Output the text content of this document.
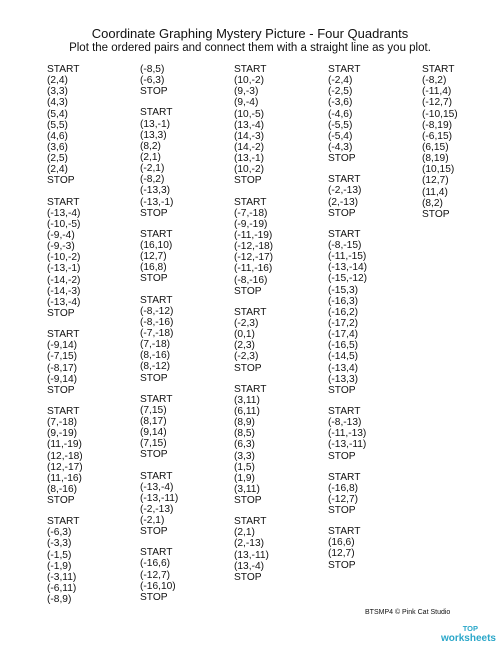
Coordinate Graphing Mystery Picture - Four Quadrants
Plot the ordered pairs and connect them with a straight line as you plot.
START
(2,4)
(3,3)
(4,3)
(5,4)
(5,5)
(4,6)
(3,6)
(2,5)
(2,4)
STOP
START
(-13,-4)
(-10,-5)
(-9,-4)
(-9,-3)
(-10,-2)
(-13,-1)
(-14,-2)
(-14,-3)
(-13,-4)
STOP
START
(-9,14)
(-7,15)
(-8,17)
(-9,14)
STOP
START
(7,-18)
(9,-19)
(11,-19)
(12,-18)
(12,-17)
(11,-16)
(8,-16)
STOP
START
(-6,3)
(-3,3)
(-1,5)
(-1,9)
(-3,11)
(-6,11)
(-8,9)
(-8,5)
(-6,3)
STOP
START
(13,-1)
(13,3)
(8,2)
(2,1)
(-2,1)
(-8,2)
(-13,3)
(-13,-1)
STOP
START
(16,10)
(12,7)
(16,8)
STOP
START
(-8,-12)
(-8,-16)
(-7,-18)
(7,-18)
(8,-16)
(8,-12)
STOP
START
(7,15)
(8,17)
(9,14)
(7,15)
STOP
START
(-13,-4)
(-13,-11)
(-2,-13)
(-2,1)
STOP
START
(-16,6)
(-12,7)
(-16,10)
STOP
START
(10,-2)
(9,-3)
(9,-4)
(10,-5)
(13,-4)
(14,-3)
(14,-2)
(13,-1)
(10,-2)
STOP
START
(-7,-18)
(-9,-19)
(-11,-19)
(-12,-18)
(-12,-17)
(-11,-16)
(-8,-16)
STOP
START
(-2,3)
(0,1)
(2,3)
(-2,3)
STOP
START
(3,11)
(6,11)
(8,9)
(8,5)
(6,3)
(3,3)
(1,5)
(1,9)
(3,11)
STOP
START
(2,1)
(2,-13)
(13,-11)
(13,-4)
STOP
START
(-2,4)
(-2,5)
(-3,6)
(-4,6)
(-5,5)
(-5,4)
(-4,3)
STOP
START
(-2,-13)
(2,-13)
STOP
START
(-8,-15)
(-11,-15)
(-13,-14)
(-15,-12)
(-15,3)
(-16,3)
(-16,2)
(-17,2)
(-17,4)
(-16,5)
(-14,5)
(-13,4)
(-13,3)
STOP
START
(-8,-13)
(-11,-13)
(-13,-11)
STOP
START
(-16,8)
(-12,7)
STOP
START
(16,6)
(12,7)
STOP
START
(-8,2)
(-11,4)
(-12,7)
(-10,15)
(-8,19)
(-6,15)
(6,15)
(8,19)
(10,15)
(12,7)
(11,4)
(8,2)
STOP
BTSMP4 © Pink Cat Studio
TOP
worksheets
